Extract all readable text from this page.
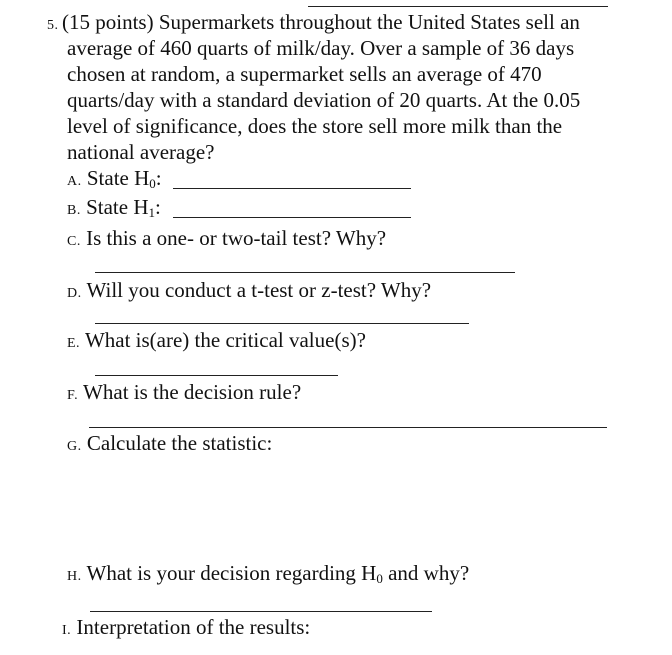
5. (15 points) Supermarkets throughout the United States sell an
average of 460 quarts of milk/day. Over a sample of 36 days
chosen at random, a supermarket sells an average of 470
quarts/day with a standard deviation of 20 quarts. At the 0.05
level of significance, does the store sell more milk than the
national average?
A. State $H_0$:
B. State $H_1$:
C. Is this a one- or two-tail test? Why?
D. Will you conduct a t-test or z-test? Why?
E. What is(are) the critical value(s)?
F. What is the decision rule?
G. Calculate the statistic:
H. What is your decision regarding $H_0$ and why?
I. Interpretation of the results:
